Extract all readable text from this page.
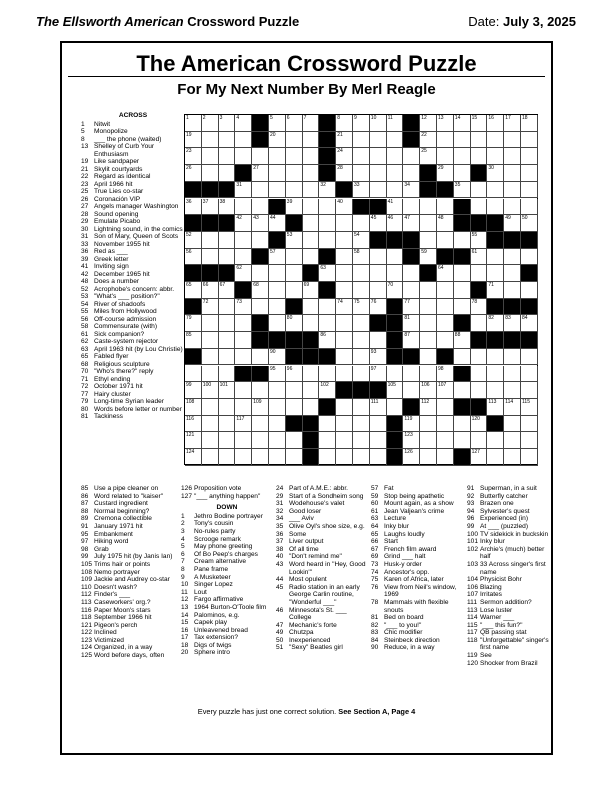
The Ellsworth American Crossword Puzzle	Date: July 3, 2025
The American Crossword Puzzle
For My Next Number By Merl Reagle
ACROSS
1	Nitwit
5	Monopolize
8	___ the phone (waited)
13 Shelley of Curb Your Enthusiasm
19 Like sandpaper
21 Skylit courtyards
22 Regard as identical
23 April 1966 hit
25 True Lies co-star
26 Coronación VIP
27 Angels manager Washington
28 Sound opening
29 Emulate Picabo
30 Lightning sound, in the comics
31 Son of Mary, Queen of Scots
33 November 1955 hit
36 Red as ___
39 Greek letter
41 Inviting sign
42 December 1965 hit
48 Does a number
52 Acrophobe's concern: abbr.
53 "What's ___ position?"
54 River of shadoofs
55 Miles from Hollywood
56 Off-course admission
58 Commensurate (with)
61 Sick companion?
62 Caste-system rejector
63 April 1963 hit (by Lou Christie)
65 Fabled flyer
68 Religious sculpture
70 "Who's there?" reply
71 Ethyl ending
72 October 1971 hit
77 Hairy cluster
79 Long-time Syrian leader
80 Words before letter or number
81 Tackiness
1	2	3	4	5	6	7	8	9	10 11	12 13 14 15 16 17 18
19	20	21	22
23	24	25
26	27	28	29	30
31	32	33	34	35
36 37 38	39	40	41
42 43 44	45 46 47	48	49 50
52	53	54	55
56	57	58	59	61
62	63	64
65 66 67	68	69	70	71
72	73	74 75 76	77	78
79	80	81	82 83 84
85	86	87	88
90	93
95 96	97	98
99 100 101	102	105	106 107
108	109	111	112	113 114 115
116	117	119	120
121	123
124	126	127
85 Use a pipe cleaner on
86 Word related to "kaiser"
87 Custard ingredient
88 Normal beginning?
89 Cremona collectible
91 January 1971 hit
95 Embankment
97 Hiking word
98 Grab
99 July 1975 hit (by Janis Ian)
105 Trims hair or points
108 Nemo portrayer
109 Jackie and Audrey co-star
110 Doesn't wash?
112 Finder's ___
113 Caseworkers' org.?
116 Paper Moon's stars
118 September 1966 hit
121 Pigeon's perch
122 Inclined
123 Victimized
124 Organized, in a way
125 Word before days, often
126 Proposition vote
127 "___ anything happen"
DOWN
1	Jethro Bodine portrayer
2	Tony's cousin
3	No-rules party
4	Scrooge remark
5	May phone greeting
6	Of Bo Peep's charges
7	Cream alternative
8	Pane frame
9	A Musketeer
10 Singer Lopez
11 Lout
12 Fargo affirmative
13 1964 Burton-O'Toole film
14 Palominos, e.g.
15 Capek play
16 Unleavened bread
17 Tax extension?
18 Digs of twigs
20 Sphere intro
24 Part of A.M.E.: abbr.
29 Start of a Sondheim song
31 Wodehouse's valet
32 Good loser
34 ___ Aviv
35 Olive Oyl's shoe size, e.g.
36 Some
37 Liver output
38 Of all time
40 "Don't remind me"
43 Word heard in "Hey, Good Lookin'"
44 Most opulent
45 Radio station in an early George Carlin routine, "Wonderful ___"
46 Minnesota's St. ___ College
47 Mechanic's forte
49 Chutzpa
50 Inexperienced
51 "Sexy" Beatles girl
57 Fat
59 Stop being apathetic
60 Mount again, as a show
61 Jean Valjean's crime
63 Lecture
64 Inky blur
65 Laughs loudly
66 Start
67 French film award
69 Grind ___ halt
73 Husk-y order
74 Ancestor's opp.
75 Karen of Africa, later
76 View from Neil's window, 1969
78 Mammals with flexible snouts
81 Bed on board
82 "___ to you!"
83 Chic modifier
84 Steinbeck direction
90 Reduce, in a way
91 Superman, in a suit
92 Butterfly catcher
93 Brazen one
94 Sylvester's quest
96 Experienced (in)
99 At ___ (puzzled)
100 TV sidekick in buckskin
101 Inky blur
102 Archie's (much) better half
103 33 Across singer's first name
104 Physicist Bohr
106 Blazing
107 Irritates
111 Sermon addition?
113 Lose luster
114 Warner ___
115 "___ this fun?"
117 QB passing stat
118 "Unforgettable" singer's first name
119 See
120 Shocker from Brazil
Every puzzle has just one correct solution. See Section A, Page 4
